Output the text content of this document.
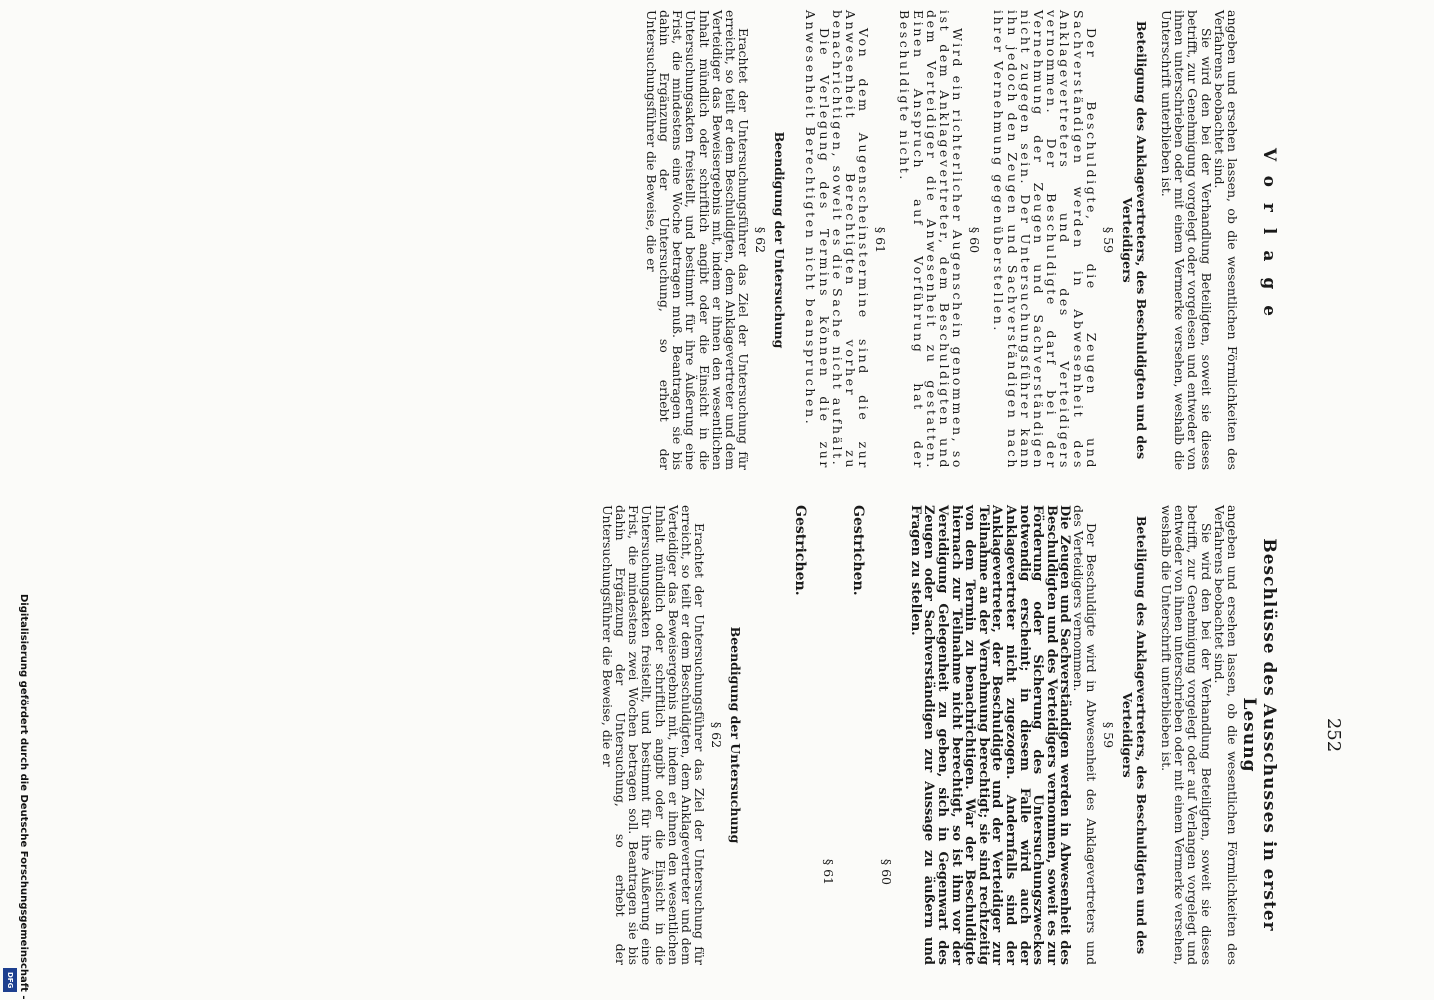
252
Vorlage

angeben und ersehen lassen, ob die wesentlichen Förmlichkeiten des Verfahrens beobachtet sind.

Sie wird den bei der Verhandlung Beteiligten, soweit sie dieses betrifft, zur Genehmigung vorgelegt oder vorgelesen und entweder von ihnen unterschrieben oder mit einem Vermerke versehen, weshalb die Unterschrift unterblieben ist.

Beteiligung des Anklagevertreters, des Beschuldigten und des Verteidigers
§ 59

Der Beschuldigte, die Zeugen und Sachverständigen werden in Abwesenheit des Anklagevertreters und des Verteidigers vernommen. Der Beschuldigte darf bei der Vernehmung der Zeugen und Sachverständigen nicht zugegen sein. Der Untersuchungsführer kann ihn jedoch den Zeugen und Sachverständigen nach ihrer Vernehmung gegenüberstellen.

§ 60

Wird ein richterlicher Augenschein genommen, so ist dem Anklagevertreter, dem Beschuldigten und dem Verteidiger die Anwesenheit zu gestatten. Einen Anspruch auf Vorführung hat der Beschuldigte nicht.

§ 61

Von dem Augenscheinstermine sind die zur Anwesenheit Berechtigten vorher zu benachrichtigen, soweit es die Sache nicht aufhält.

Die Verlegung des Termins können die zur Anwesenheit Berechtigten nicht beanspruchen.

Beendigung der Untersuchung
§ 62

Erachtet der Untersuchungsführer das Ziel der Untersuchung für erreicht, so teilt er dem Beschuldigten, dem Anklagevertreter und dem Verteidiger das Beweisergebnis mit, indem er ihnen den wesentlichen Inhalt mündlich oder schriftlich angibt oder die Einsicht in die Untersuchungsakten freistellt, und bestimmt für ihre Äußerung eine Frist, die mindestens eine Woche betragen muß. Beantragen sie bis dahin Ergänzung der Untersuchung, so erhebt der Untersuchungsführer die Beweise, die er

Beschlüsse des Ausschusses in erster Lesung

angeben und ersehen lassen, ob die wesentlichen Förmlichkeiten des Verfahrens beobachtet sind.

Sie wird den bei der Verhandlung Beteiligten, soweit sie dieses betrifft, zur Genehmigung vorgelegt oder auf Verlangen vorgelegt und entweder von ihnen unterschrieben oder mit einem Vermerke versehen, weshalb die Unterschrift unterblieben ist.

Beteiligung des Anklagevertreters, des Beschuldigten und des Verteidigers
§ 59

Der Beschuldigte wird in Abwesenheit des Anklagevertreters und des Verteidigers vernommen.

Die Zeugen und Sachverständigen werden in Abwesenheit des Beschuldigten und des Verteidigers vernommen, soweit es zur Förderung oder Sicherung des Untersuchungszweckes notwendig erscheint; in diesem Falle wird auch der Anklagevertreter nicht zugezogen. Andernfalls sind der Anklagevertreter, der Beschuldigte und der Verteidiger zur Teilnahme an der Vernehmung berechtigt; sie sind rechtzeitig von dem Termin zu benachrichtigen. War der Beschuldigte hiernach zur Teilnahme nicht berechtigt, so ist ihm vor der Vereidigung Gelegenheit zu geben, sich in Gegenwart des Zeugen oder Sachverständigen zur Aussage zu äußern und Fragen zu stellen.

§ 60
Gestrichen.
§ 61
Gestrichen.
Beendigung der Untersuchung
§ 62

Erachtet der Untersuchungsführer das Ziel der Untersuchung für erreicht, so teilt er dem Beschuldigten, dem Anklagevertreter und dem Verteidiger das Beweisergebnis mit, indem er ihnen den wesentlichen Inhalt mündlich oder schriftlich angibt oder die Einsicht in die Untersuchungsakten freistellt, und bestimmt für ihre Äußerung eine Frist, die mindestens zwei Wochen betragen soll. Beantragen sie bis dahin Ergänzung der Untersuchung, so erhebt der Untersuchungsführer die Beweise, die er

Digitalisierung gefördert durch die Deutsche Forschungsgemeinschaft -
DFG
